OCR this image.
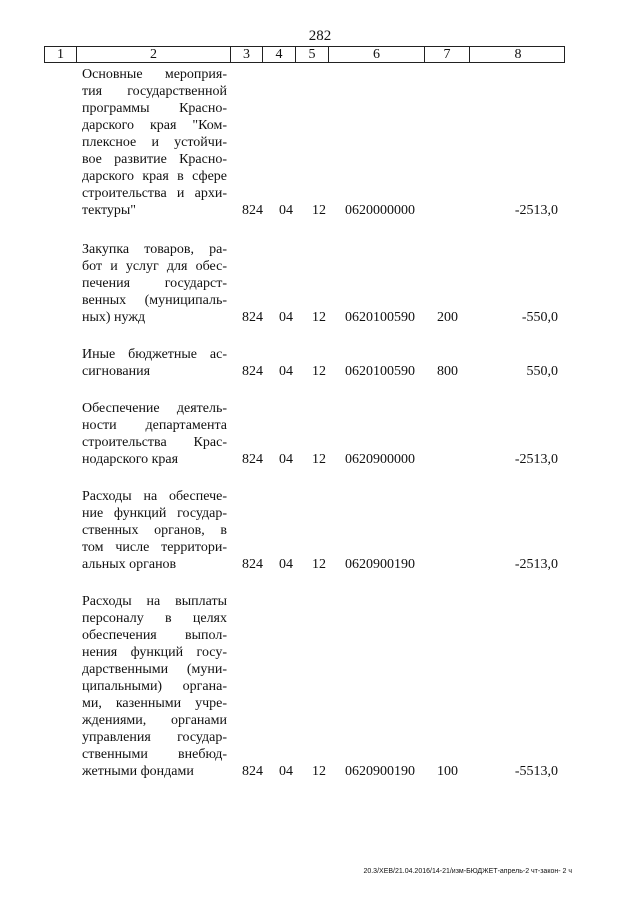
282
1	2	3	4	5	6	7	8
Основные мероприя-
тия государственной
программы Красно-
дарского края "Ком-
плексное и устойчи-
вое развитие Красно-
дарского края в сфере
строительства и архи-
тектуры"	824 04 12 0620000000	-2513,0
Закупка товаров, ра-
бот и услуг для обес-
печения государст-
венных (муниципаль-
ных) нужд	824 04 12 0620100590 200	-550,0
Иные бюджетные ас-
сигнования	824 04 12 0620100590 800	550,0
Обеспечение деятель-
ности департамента
строительства Крас-
нодарского края	824 04 12 0620900000	-2513,0
Расходы на обеспече-
ние функций государ-
ственных органов, в
том числе территори-
альных органов	824 04 12 0620900190	-2513,0
Расходы на выплаты
персоналу в целях
обеспечения выпол-
нения функций госу-
дарственными (муни-
ципальными) органа-
ми, казенными учре-
ждениями, органами
управления государ-
ственными внебюд-
жетными фондами	824 04 12 0620900190 100	-5513,0
20.3/ХЕВ/21.04.2016/14-21/изм-БЮДЖЕТ-апрель-2 чт-закон- 2 ч
